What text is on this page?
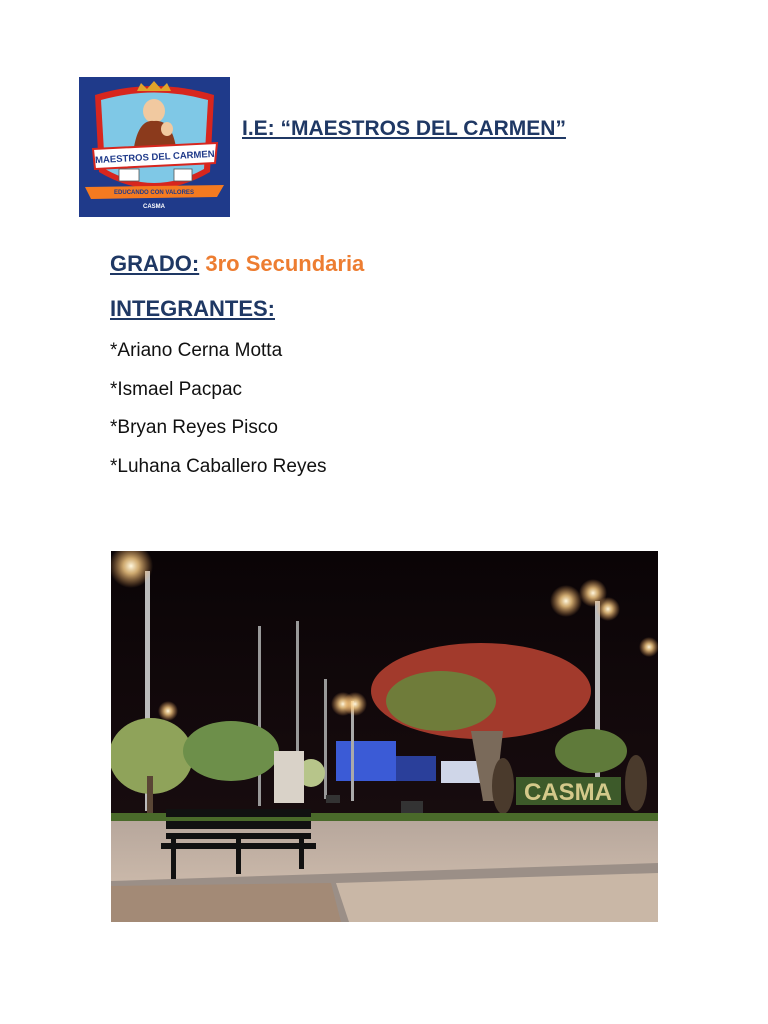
MAESTROS DEL CARMEN
EDUCANDO CON VALORES
CASMA
I.E: “MAESTROS DEL CARMEN”
GRADO: 3ro Secundaria
INTEGRANTES:
*Ariano Cerna Motta
*Ismael Pacpac
*Bryan Reyes Pisco
*Luhana Caballero Reyes
CASMA
